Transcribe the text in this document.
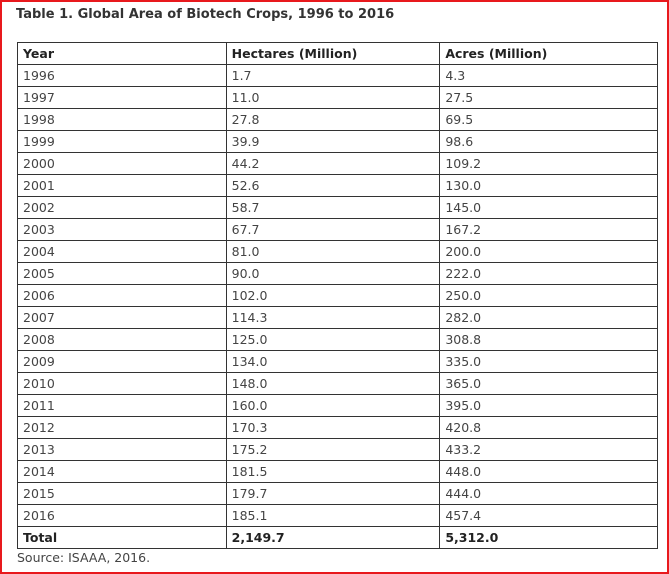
Table 1. Global Area of Biotech Crops, 1996 to 2016
Year	Hectares (Million)	Acres (Million)
1996	1.7	4.3
1997	11.0	27.5
1998	27.8	69.5
1999	39.9	98.6
2000	44.2	109.2
2001	52.6	130.0
2002	58.7	145.0
2003	67.7	167.2
2004	81.0	200.0
2005	90.0	222.0
2006	102.0	250.0
2007	114.3	282.0
2008	125.0	308.8
2009	134.0	335.0
2010	148.0	365.0
2011	160.0	395.0
2012	170.3	420.8
2013	175.2	433.2
2014	181.5	448.0
2015	179.7	444.0
2016	185.1	457.4
Total	2,149.7	5,312.0
Source: ISAAA, 2016.
